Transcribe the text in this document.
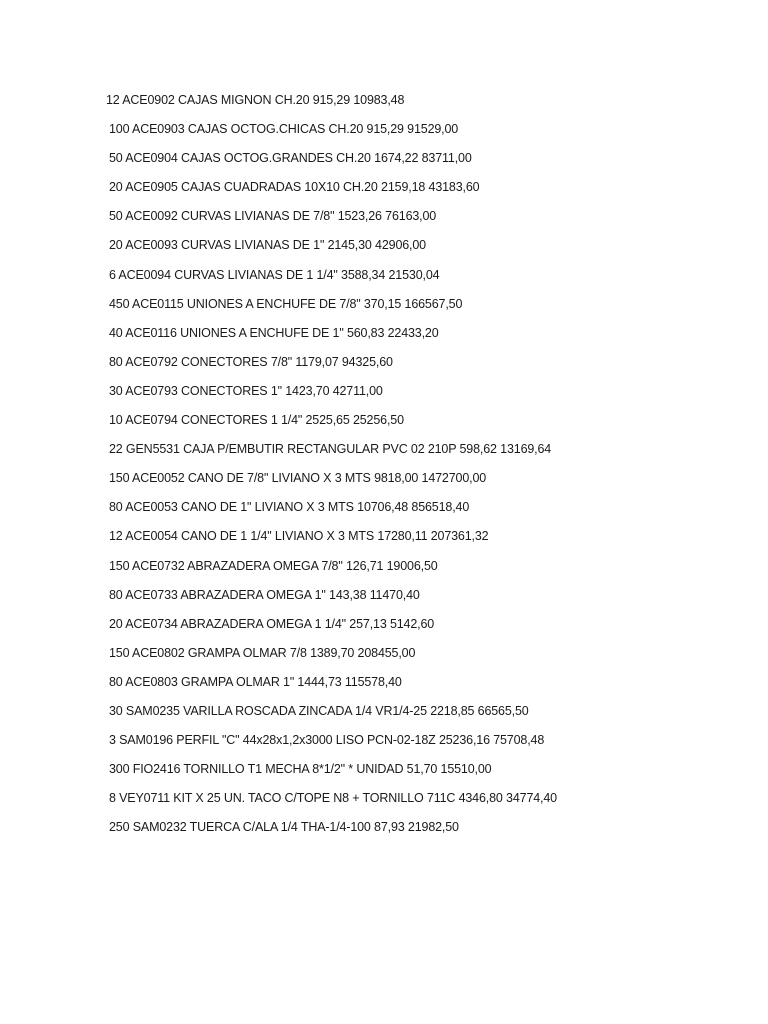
12 ACE0902 CAJAS MIGNON CH.20 915,29 10983,48
100 ACE0903 CAJAS OCTOG.CHICAS CH.20 915,29 91529,00
50 ACE0904 CAJAS OCTOG.GRANDES CH.20 1674,22 83711,00
20 ACE0905 CAJAS CUADRADAS 10X10 CH.20 2159,18 43183,60
50 ACE0092 CURVAS LIVIANAS DE 7/8" 1523,26 76163,00
20 ACE0093 CURVAS LIVIANAS DE 1" 2145,30 42906,00
6 ACE0094 CURVAS LIVIANAS DE 1 1/4" 3588,34 21530,04
450 ACE0115 UNIONES A ENCHUFE DE 7/8" 370,15 166567,50
40 ACE0116 UNIONES A ENCHUFE DE 1" 560,83 22433,20
80 ACE0792 CONECTORES 7/8" 1179,07 94325,60
30 ACE0793 CONECTORES 1" 1423,70 42711,00
10 ACE0794 CONECTORES 1 1/4" 2525,65 25256,50
22 GEN5531 CAJA P/EMBUTIR RECTANGULAR PVC 02 210P 598,62 13169,64
150 ACE0052 CANO DE 7/8" LIVIANO X 3 MTS 9818,00 1472700,00
80 ACE0053 CANO DE 1" LIVIANO X 3 MTS 10706,48 856518,40
12 ACE0054 CANO DE 1 1/4" LIVIANO X 3 MTS 17280,11 207361,32
150 ACE0732 ABRAZADERA OMEGA 7/8" 126,71 19006,50
80 ACE0733 ABRAZADERA OMEGA 1" 143,38 11470,40
20 ACE0734 ABRAZADERA OMEGA 1 1/4" 257,13 5142,60
150 ACE0802 GRAMPA OLMAR 7/8 1389,70 208455,00
80 ACE0803 GRAMPA OLMAR 1" 1444,73 115578,40
30 SAM0235 VARILLA ROSCADA ZINCADA 1/4 VR1/4-25 2218,85 66565,50
3 SAM0196 PERFIL "C" 44x28x1,2x3000 LISO PCN-02-18Z 25236,16 75708,48
300 FIO2416 TORNILLO T1 MECHA 8*1/2" * UNIDAD 51,70 15510,00
8 VEY0711 KIT X 25 UN. TACO C/TOPE N8 + TORNILLO 711C 4346,80 34774,40
250 SAM0232 TUERCA C/ALA 1/4 THA-1/4-100 87,93 21982,50
